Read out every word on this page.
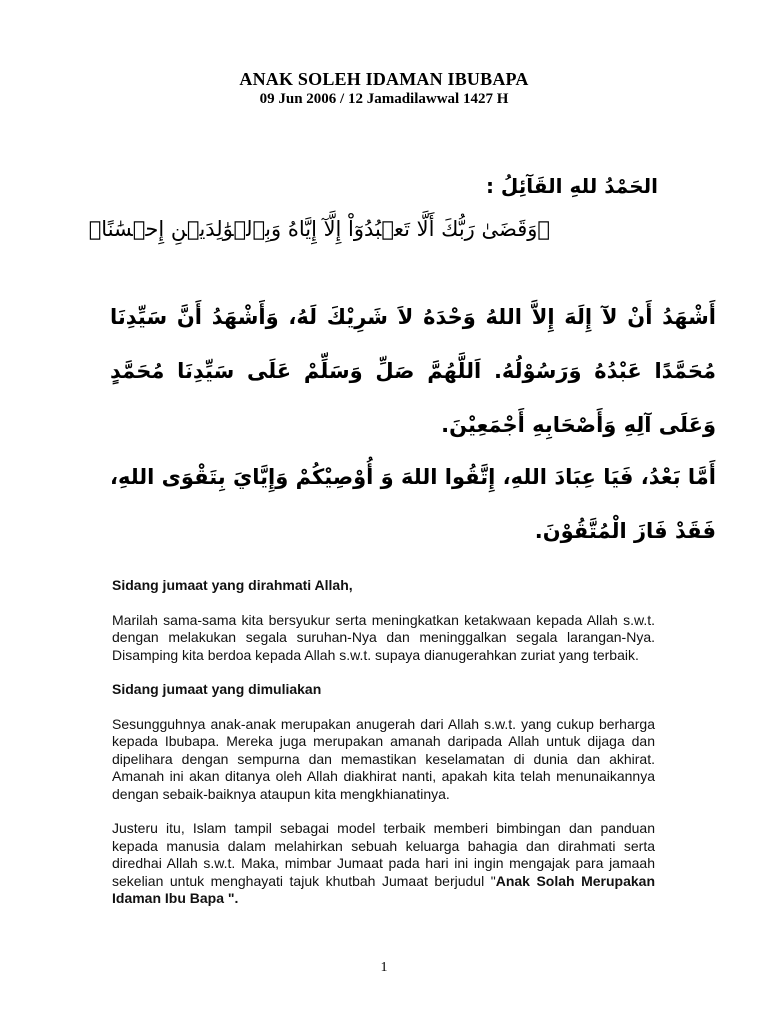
ANAK SOLEH IDAMAN IBUBAPA
09 Jun 2006 / 12 Jamadilawwal 1427 H
الحَمْدُ للهِ القَآئِلُ :
۞وَقَضَىٰ رَبُّكَ أَلَّا تَعۡبُدُوٓاْ إِلَّآ إِيَّاهُ وَبِٱلۡوَٰلِدَيۡنِ إِحۡسَٰنًاۚ
أَشْهَدُ أَنْ لآ إِلَهَ إِلاَّ اللهُ وَحْدَهُ لاَ شَرِيْكَ لَهُ، وَأَشْهَدُ أَنَّ سَيِّدِنَا مُحَمَّدًا عَبْدُهُ وَرَسُوْلُهُ. اَللَّهُمَّ صَلِّ وَسَلِّمْ عَلَى سَيِّدِنَا مُحَمَّدٍ وَعَلَى آلِهِ وَأَصْحَابِهِ أَجْمَعِيْنَ.
أَمَّا بَعْدُ، فَيَا عِبَادَ اللهِ، إِتَّقُوا اللهَ وَ أُوْصِيْكُمْ وَإِيَّايَ بِتَقْوَى اللهِ، فَقَدْ فَازَ الْمُتَّقُوْنَ.

Sidang jumaat yang dirahmati Allah,

Marilah sama-sama kita bersyukur serta meningkatkan ketakwaan kepada Allah s.w.t. dengan melakukan segala suruhan-Nya dan meninggalkan segala larangan-Nya. Disamping kita berdoa kepada Allah s.w.t. supaya dianugerahkan zuriat yang terbaik.

Sidang jumaat yang dimuliakan

Sesungguhnya anak-anak merupakan anugerah dari Allah s.w.t. yang cukup berharga kepada Ibubapa. Mereka juga merupakan amanah daripada Allah untuk dijaga dan dipelihara dengan sempurna dan memastikan keselamatan di dunia dan akhirat. Amanah ini akan ditanya oleh Allah diakhirat nanti, apakah kita telah menunaikannya dengan sebaik-baiknya ataupun kita mengkhianatinya.

Justeru itu, Islam tampil sebagai model terbaik memberi bimbingan dan panduan kepada manusia dalam melahirkan sebuah keluarga bahagia dan dirahmati serta diredhai Allah s.w.t. Maka, mimbar Jumaat pada hari ini ingin mengajak para jamaah sekelian untuk menghayati tajuk khutbah Jumaat berjudul "Anak Solah Merupakan Idaman Ibu Bapa ".

1
